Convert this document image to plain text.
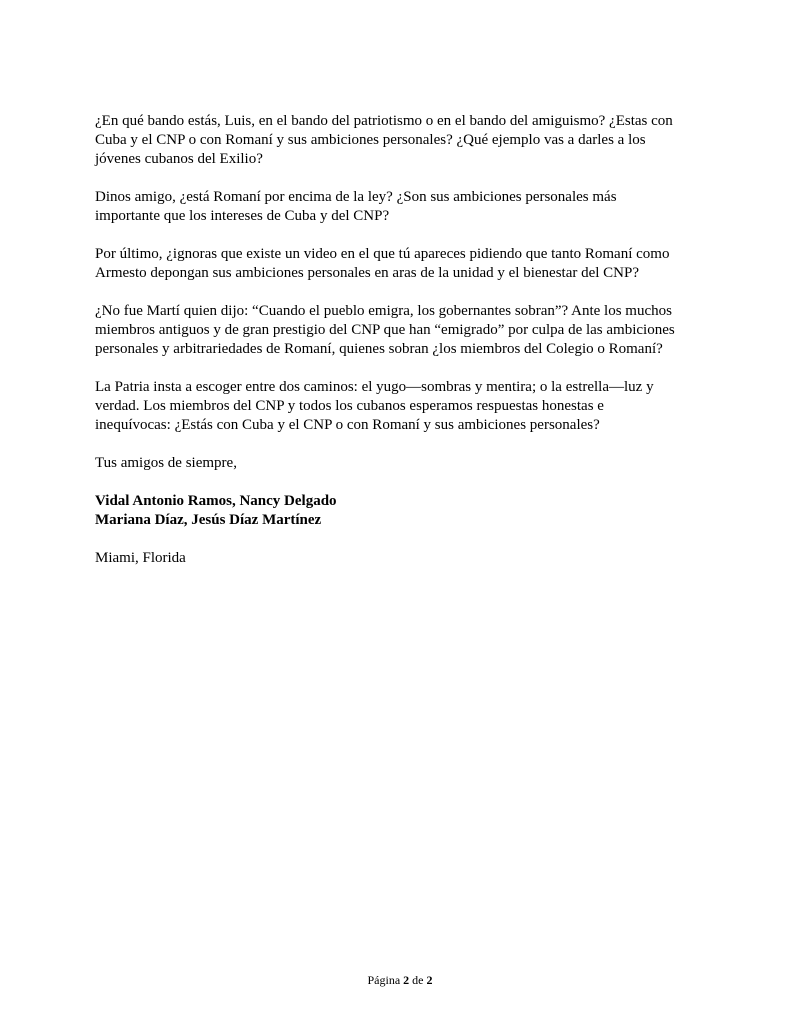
¿En qué bando estás, Luis, en el bando del patriotismo o en el bando del amiguismo? ¿Estas con
Cuba y el CNP o con Romaní y sus ambiciones personales? ¿Qué ejemplo vas a darles a los
jóvenes cubanos del Exilio?

Dinos amigo, ¿está Romaní por encima de la ley? ¿Son sus ambiciones personales más
importante que los intereses de Cuba y del CNP?

Por último, ¿ignoras que existe un video en el que tú apareces pidiendo que tanto Romaní como
Armesto depongan sus ambiciones personales en aras de la unidad y el bienestar del CNP?

¿No fue Martí quien dijo: “Cuando el pueblo emigra, los gobernantes sobran”? Ante los muchos
miembros antiguos y de gran prestigio del CNP que han “emigrado” por culpa de las ambiciones
personales y arbitrariedades de Romaní, quienes sobran ¿los miembros del Colegio o Romaní?

La Patria insta a escoger entre dos caminos: el yugo—sombras y mentira; o la estrella—luz y
verdad. Los miembros del CNP y todos los cubanos esperamos respuestas honestas e
inequívocas: ¿Estás con Cuba y el CNP o con Romaní y sus ambiciones personales?

Tus amigos de siempre,

Vidal Antonio Ramos, Nancy Delgado
Mariana Díaz, Jesús Díaz Martínez

Miami, Florida

Página 2 de 2
